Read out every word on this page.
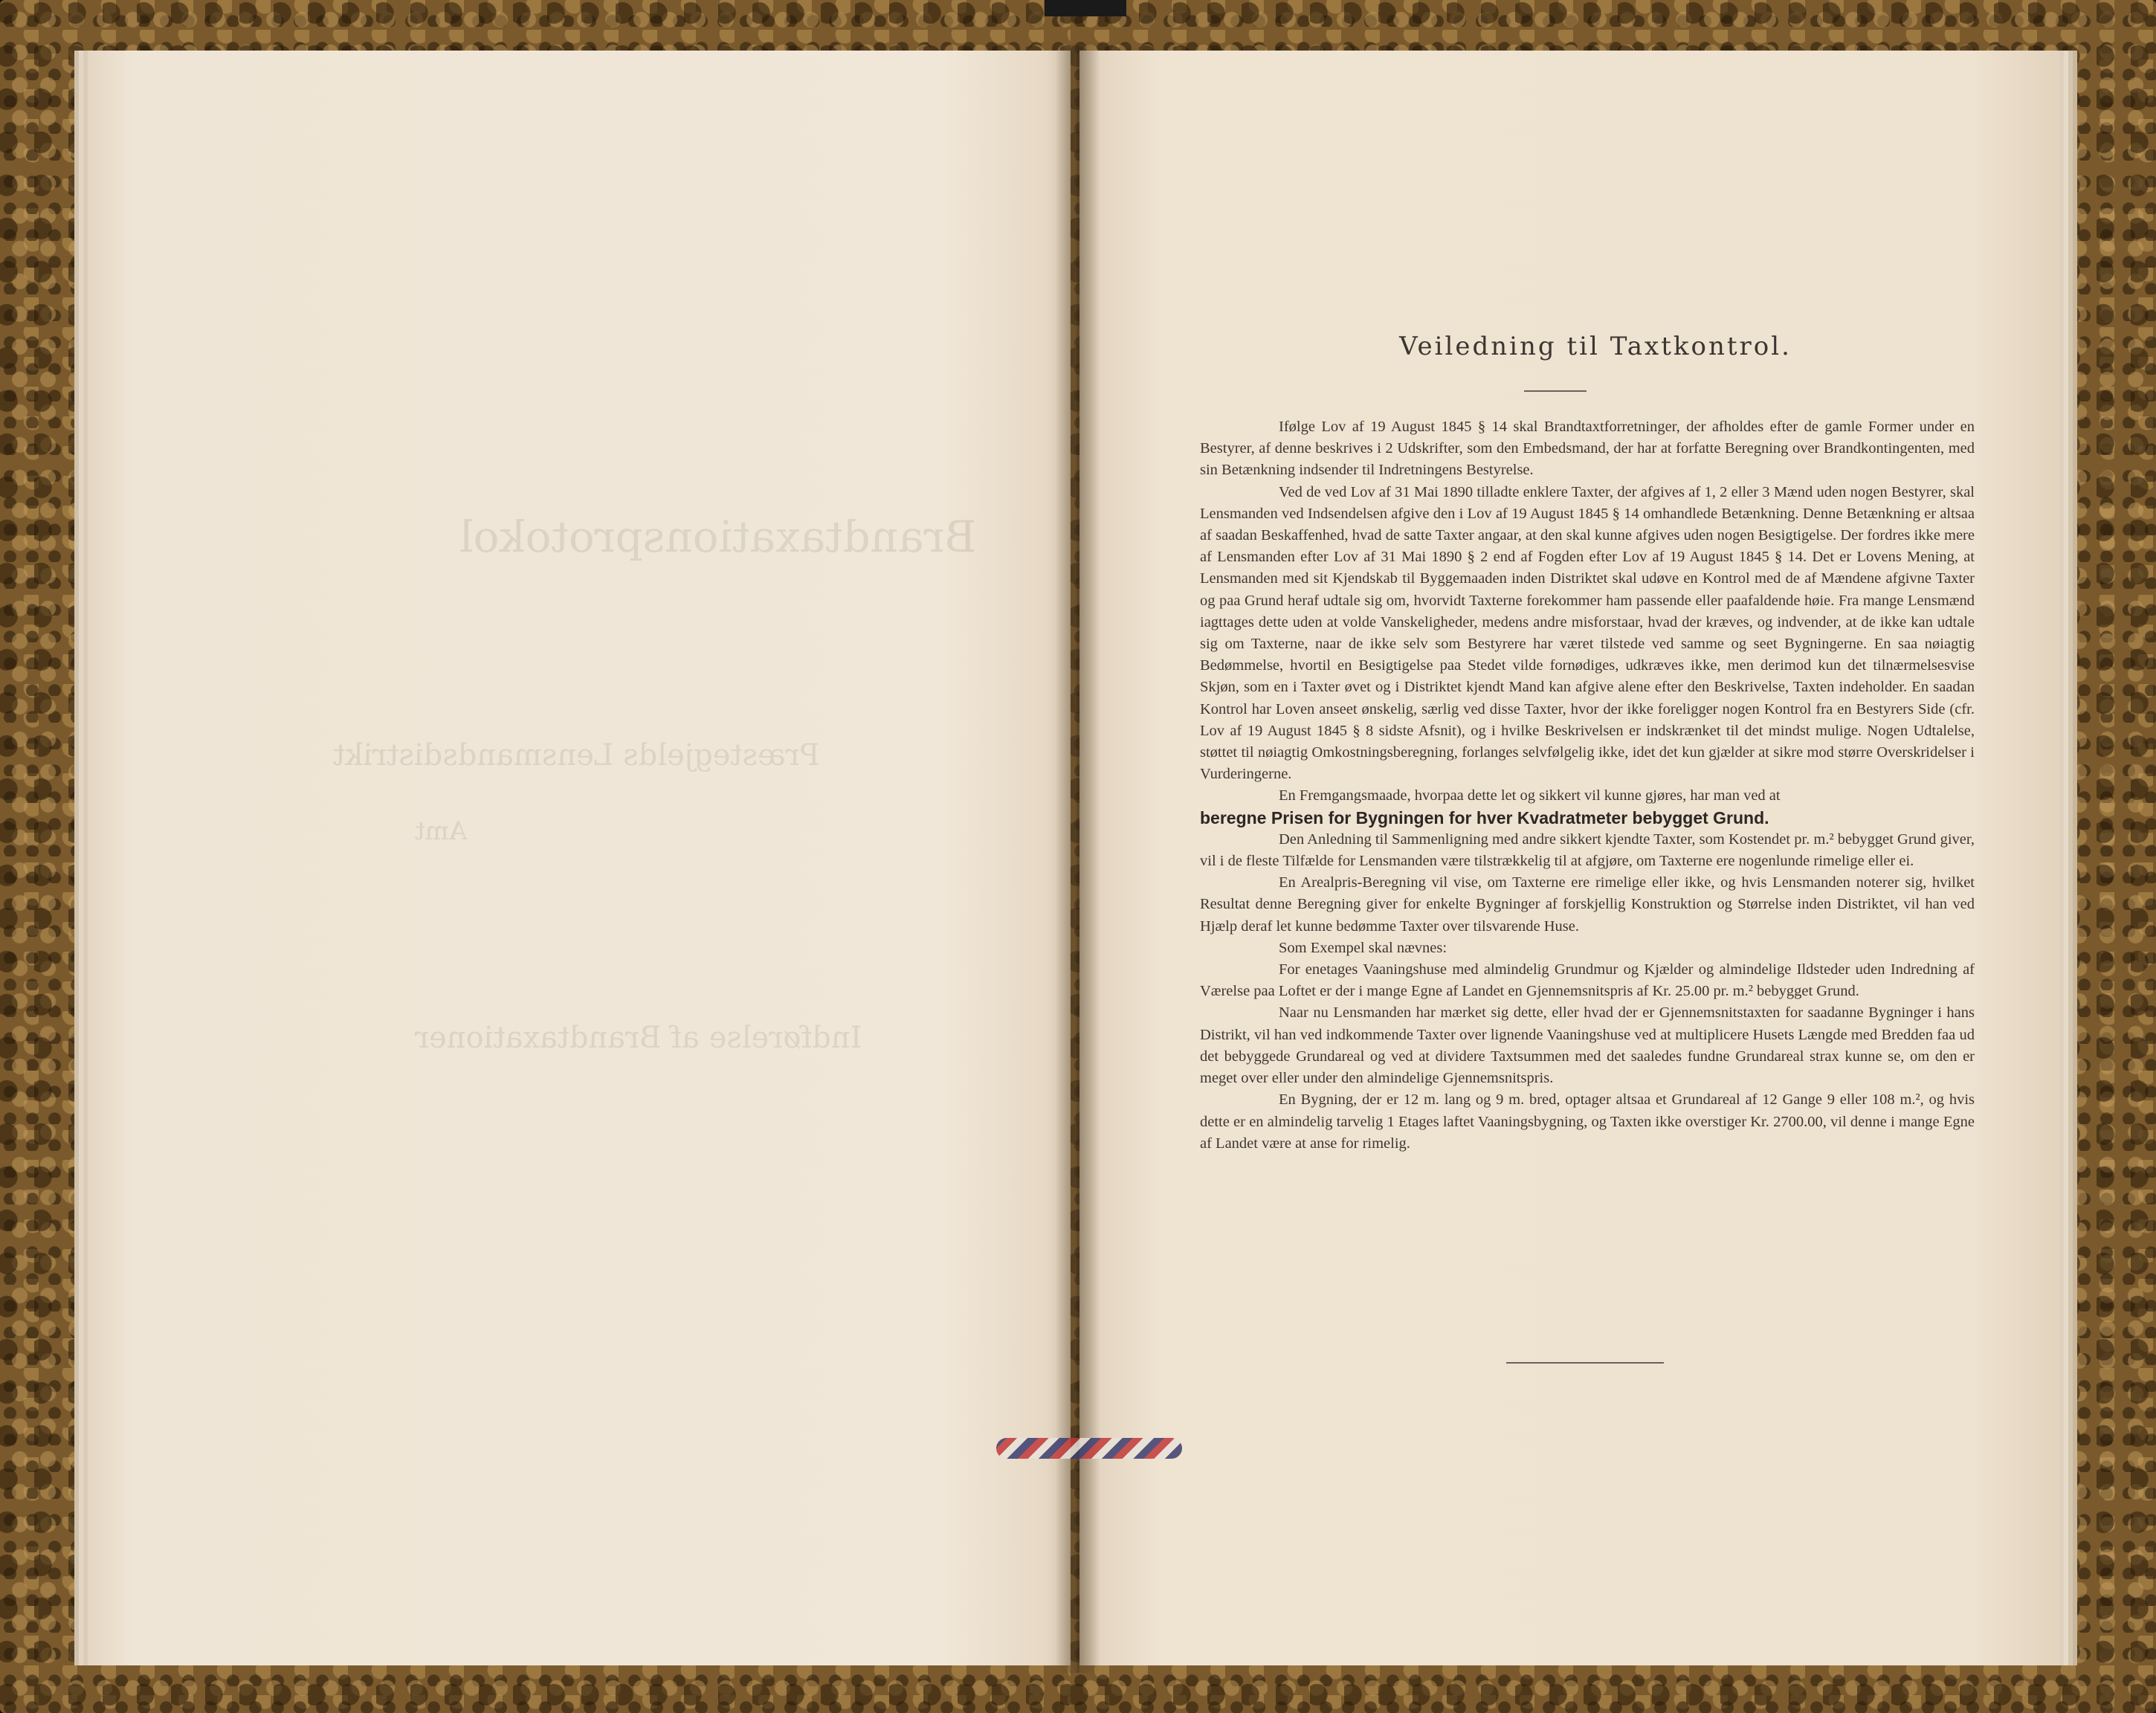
Brandtaxationsprotokol
Præstegjelds Lensmandsdistrikt
Amt
Indførelse af Brandtaxationer
Veiledning til Taxtkontrol.

Ifølge Lov af 19 August 1845 § 14 skal Brandtaxtforretninger, der afholdes efter de gamle Former under en Bestyrer, af denne beskrives i 2 Udskrifter, som den Embedsmand, der har at forfatte Beregning over Brandkontingenten, med sin Betænkning indsender til Indretningens Bestyrelse.

Ved de ved Lov af 31 Mai 1890 tilladte enklere Taxter, der afgives af 1, 2 eller 3 Mænd uden nogen Bestyrer, skal Lensmanden ved Indsendelsen afgive den i Lov af 19 August 1845 § 14 omhandlede Betænkning. Denne Betænkning er altsaa af saadan Beskaffenhed, hvad de satte Taxter angaar, at den skal kunne afgives uden nogen Besigtigelse. Der fordres ikke mere af Lensmanden efter Lov af 31 Mai 1890 § 2 end af Fogden efter Lov af 19 August 1845 § 14. Det er Lovens Mening, at Lensmanden med sit Kjendskab til Byggemaaden inden Distriktet skal udøve en Kontrol med de af Mændene afgivne Taxter og paa Grund heraf udtale sig om, hvorvidt Taxterne forekommer ham passende eller paafaldende høie. Fra mange Lensmænd iagttages dette uden at volde Vanskeligheder, medens andre misforstaar, hvad der kræves, og indvender, at de ikke kan udtale sig om Taxterne, naar de ikke selv som Bestyrere har været tilstede ved samme og seet Bygningerne. En saa nøiagtig Bedømmelse, hvortil en Besigtigelse paa Stedet vilde fornødiges, udkræves ikke, men derimod kun det tilnærmelsesvise Skjøn, som en i Taxter øvet og i Distriktet kjendt Mand kan afgive alene efter den Beskrivelse, Taxten indeholder. En saadan Kontrol har Loven anseet ønskelig, særlig ved disse Taxter, hvor der ikke foreligger nogen Kontrol fra en Bestyrers Side (cfr. Lov af 19 August 1845 § 8 sidste Afsnit), og i hvilke Beskrivelsen er indskrænket til det mindst mulige. Nogen Udtalelse, støttet til nøiagtig Omkostningsberegning, forlanges selvfølgelig ikke, idet det kun gjælder at sikre mod større Overskridelser i Vurderingerne.

En Fremgangsmaade, hvorpaa dette let og sikkert vil kunne gjøres, har man ved at

beregne Prisen for Bygningen for hver Kvadratmeter bebygget Grund.

Den Anledning til Sammenligning med andre sikkert kjendte Taxter, som Kostendet pr. m.² bebygget Grund giver, vil i de fleste Tilfælde for Lensmanden være tilstrækkelig til at afgjøre, om Taxterne ere nogenlunde rimelige eller ei.

En Arealpris-Beregning vil vise, om Taxterne ere rimelige eller ikke, og hvis Lensmanden noterer sig, hvilket Resultat denne Beregning giver for enkelte Bygninger af forskjellig Konstruktion og Størrelse inden Distriktet, vil han ved Hjælp deraf let kunne bedømme Taxter over tilsvarende Huse.

Som Exempel skal nævnes:

For enetages Vaaningshuse med almindelig Grundmur og Kjælder og almindelige Ildsteder uden Indredning af Værelse paa Loftet er der i mange Egne af Landet en Gjennemsnitspris af Kr. 25.00 pr. m.² bebygget Grund.

Naar nu Lensmanden har mærket sig dette, eller hvad der er Gjennemsnitstaxten for saadanne Bygninger i hans Distrikt, vil han ved indkommende Taxter over lignende Vaaningshuse ved at multiplicere Husets Længde med Bredden faa ud det bebyggede Grundareal og ved at dividere Taxtsummen med det saaledes fundne Grundareal strax kunne se, om den er meget over eller under den almindelige Gjennemsnitspris.

En Bygning, der er 12 m. lang og 9 m. bred, optager altsaa et Grundareal af 12 Gange 9 eller 108 m.², og hvis dette er en almindelig tarvelig 1 Etages laftet Vaaningsbygning, og Taxten ikke overstiger Kr. 2700.00, vil denne i mange Egne af Landet være at anse for rimelig.
